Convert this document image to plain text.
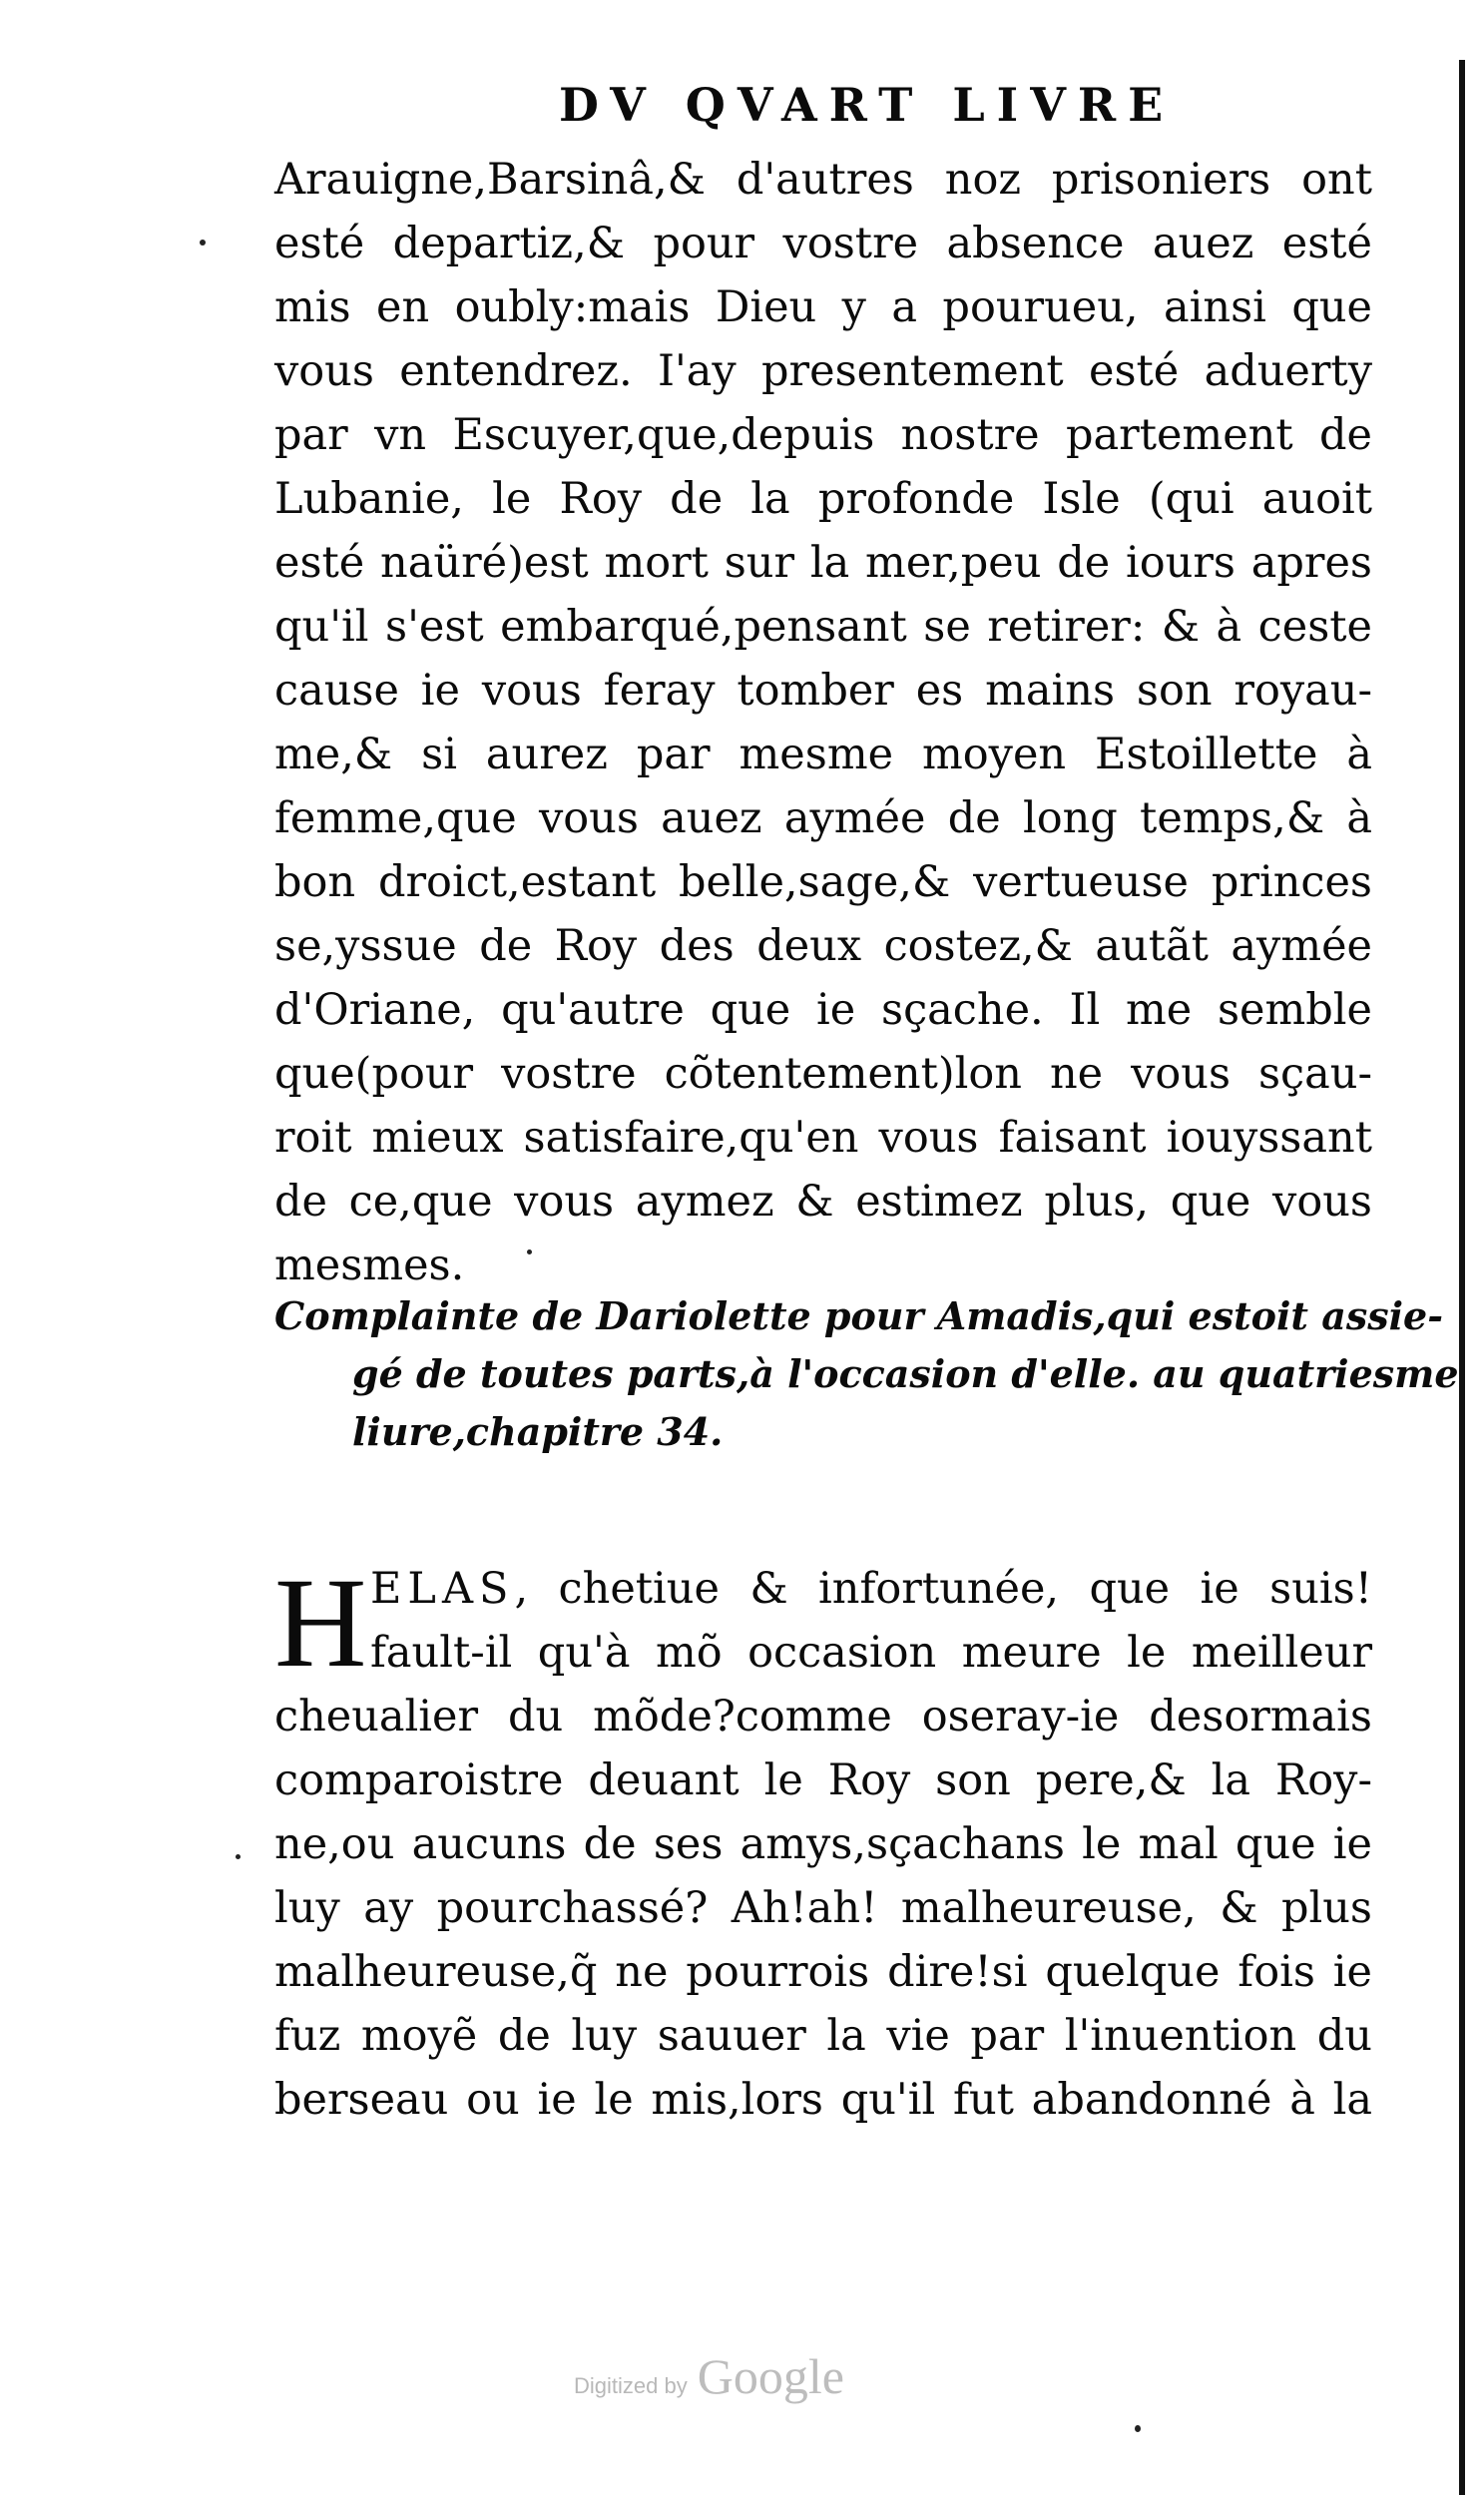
DV QVART LIVRE
Arauigne,Barsinâ,& d'autres noz prisoniers ont
esté departiz,& pour vostre absence auez esté
mis en oubly:mais Dieu y a pourueu, ainsi que
vous entendrez. I'ay presentement esté aduerty
par vn Escuyer,que,depuis nostre partement de
Lubanie, le Roy de la profonde Isle (qui auoit
esté naüré)est mort sur la mer,peu de iours apres
qu'il s'est embarqué,pensant se retirer: & à ceste
cause ie vous feray tomber es mains son royau-
me,& si aurez par mesme moyen Estoillette à
femme,que vous auez aymée de long temps,& à
bon droict,estant belle,sage,& vertueuse princes
se,yssue de Roy des deux costez,& autãt aymée
d'Oriane, qu'autre que ie sçache. Il me semble
que(pour vostre cõtentement)lon ne vous sçau-
roit mieux satisfaire,qu'en vous faisant iouyssant
de ce,que vous aymez & estimez plus, que vous
mesmes.
Complainte de Dariolette pour Amadis,qui estoit assie-
gé de toutes parts,à l'occasion d'elle. au quatriesme
liure,chapitre 34.
H ELAS, chetiue & infortunée, que ie suis!
fault-il qu'à mõ occasion meure le meilleur
cheualier du mõde?comme oseray-ie desormais
comparoistre deuant le Roy son pere,& la Roy-
ne,ou aucuns de ses amys,sçachans le mal que ie
luy ay pourchassé? Ah!ah! malheureuse, & plus
malheureuse,q̃ ne pourrois dire!si quelque fois ie
fuz moyẽ de luy sauuer la vie par l'inuention du
berseau ou ie le mis,lors qu'il fut abandonné à la
Digitized by Google
